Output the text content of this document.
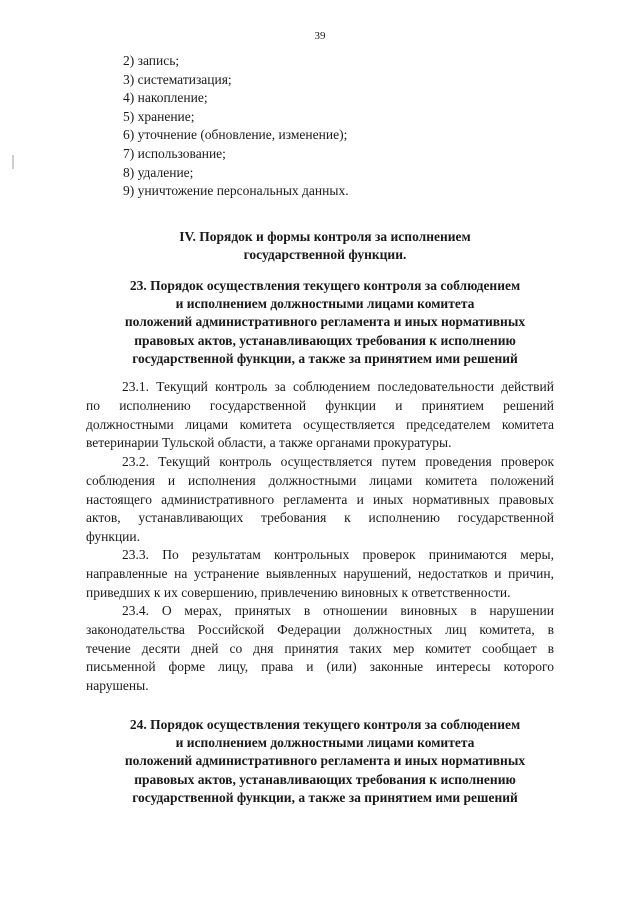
39
2) запись;
3) систематизация;
4) накопление;
5) хранение;
6) уточнение (обновление, изменение);
7) использование;
8) удаление;
9) уничтожение персональных данных.
IV. Порядок и формы контроля за исполнением
государственной функции.
23. Порядок осуществления текущего контроля за соблюдением
и исполнением должностными лицами комитета
положений административного регламента и иных нормативных
правовых актов, устанавливающих требования к исполнению
государственной функции, а также за принятием ими решений
23.1. Текущий контроль за соблюдением последовательности действий
по исполнению государственной функции и принятием решений
должностными лицами комитета осуществляется председателем комитета
ветеринарии Тульской области, а также органами прокуратуры.
23.2. Текущий контроль осуществляется путем проведения проверок
соблюдения и исполнения должностными лицами комитета положений
настоящего административного регламента и иных нормативных правовых
актов, устанавливающих требования к исполнению государственной
функции.
23.3. По результатам контрольных проверок принимаются меры,
направленные на устранение выявленных нарушений, недостатков и причин,
приведших к их совершению, привлечению виновных к ответственности.
23.4. О мерах, принятых в отношении виновных в нарушении
законодательства Российской Федерации должностных лиц комитета, в
течение десяти дней со дня принятия таких мер комитет сообщает в
письменной форме лицу, права и (или) законные интересы которого
нарушены.
24. Порядок осуществления текущего контроля за соблюдением
и исполнением должностными лицами комитета
положений административного регламента и иных нормативных
правовых актов, устанавливающих требования к исполнению
государственной функции, а также за принятием ими решений
